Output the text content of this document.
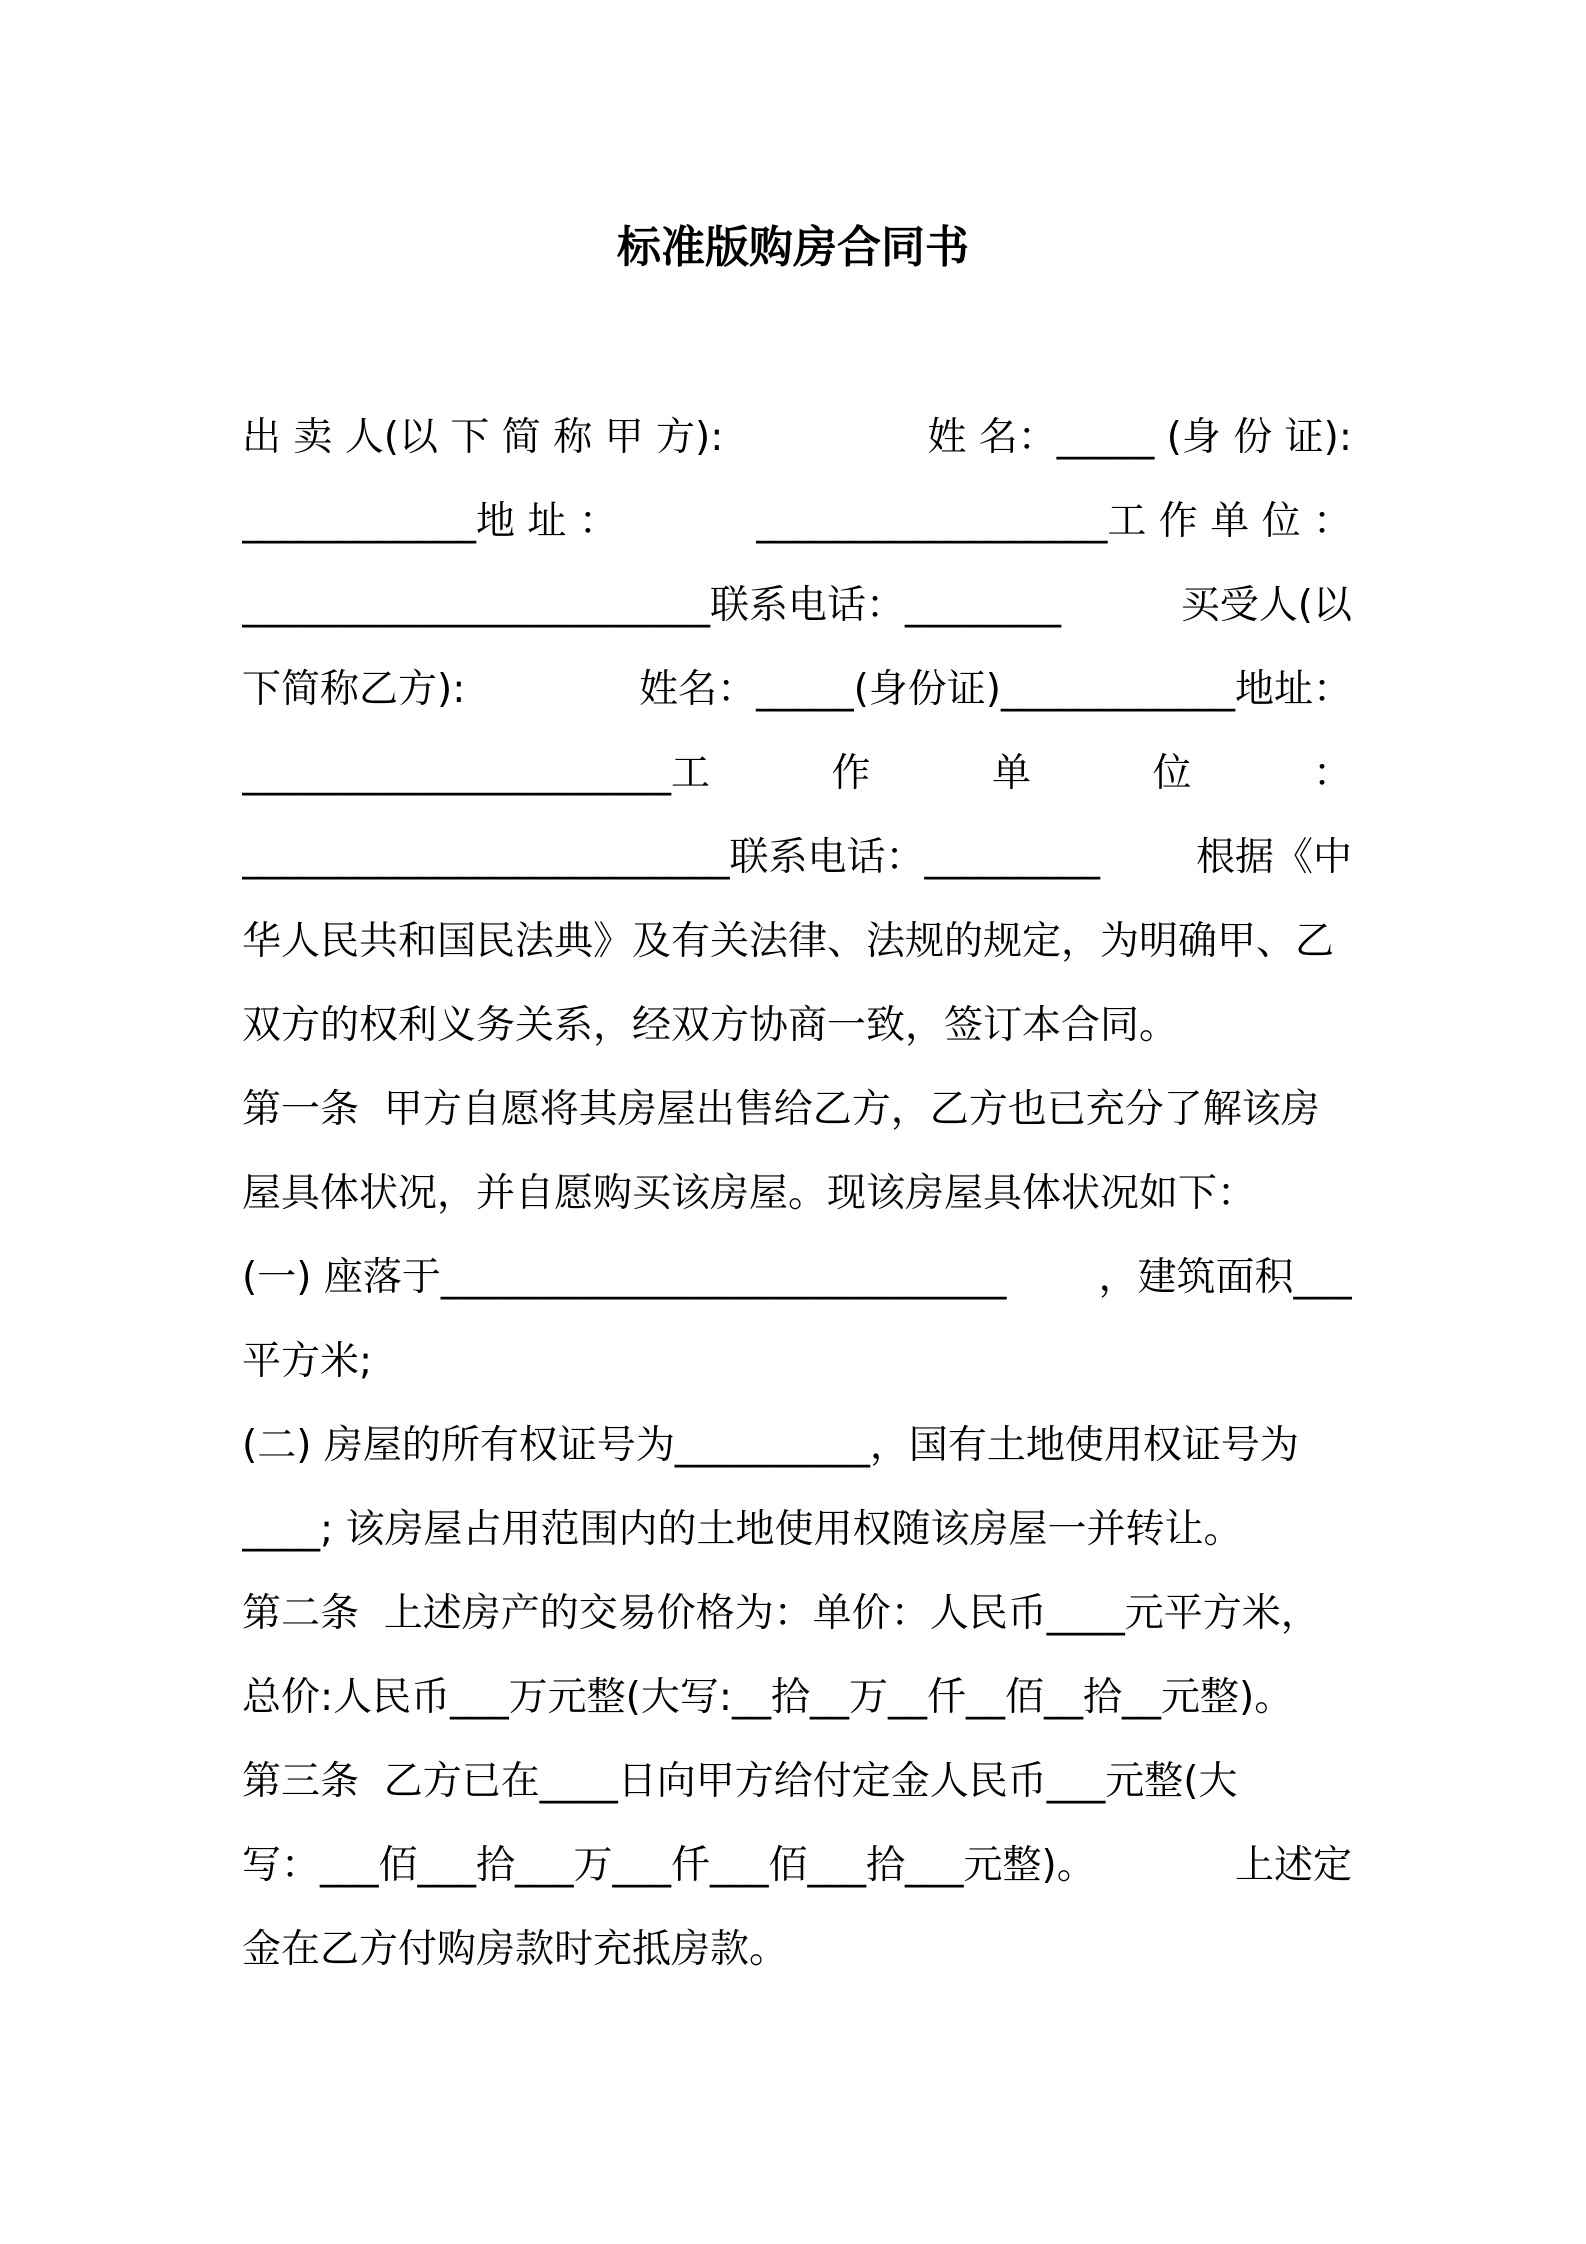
标准版购房合同书
出 卖 人(以 下 简 称 甲 方):	姓 名：_____ (身 份 证):
____________地 址 ：	__________________工 作 单 位 ：
________________________联系电话：________	买受人(以
下简称乙方):	姓名：_____(身份证)____________地址：
______________________工	作	单	位	：
_________________________联系电话：_________ 根据《中
华人民共和国民法典》及有关法律、法规的规定，为明确甲、乙
双方的权利义务关系，经双方协商一致，签订本合同。
第一条  甲方自愿将其房屋出售给乙方，乙方也已充分了解该房
屋具体状况，并自愿购买该房屋。现该房屋具体状况如下：
(一) 座落于_____________________________ ，建筑面积___
平方米;
(二) 房屋的所有权证号为__________，国有土地使用权证号为
____; 该房屋占用范围内的土地使用权随该房屋一并转让。
第二条  上述房产的交易价格为：单价：人民币____元平方米，
总价:人民币___万元整(大写:__拾__万__仟__佰__拾__元整)。
第三条  乙方已在____日向甲方给付定金人民币___元整(大
写：___佰___拾___万___仟___佰___拾___元整)。	上述定
金在乙方付购房款时充抵房款。
